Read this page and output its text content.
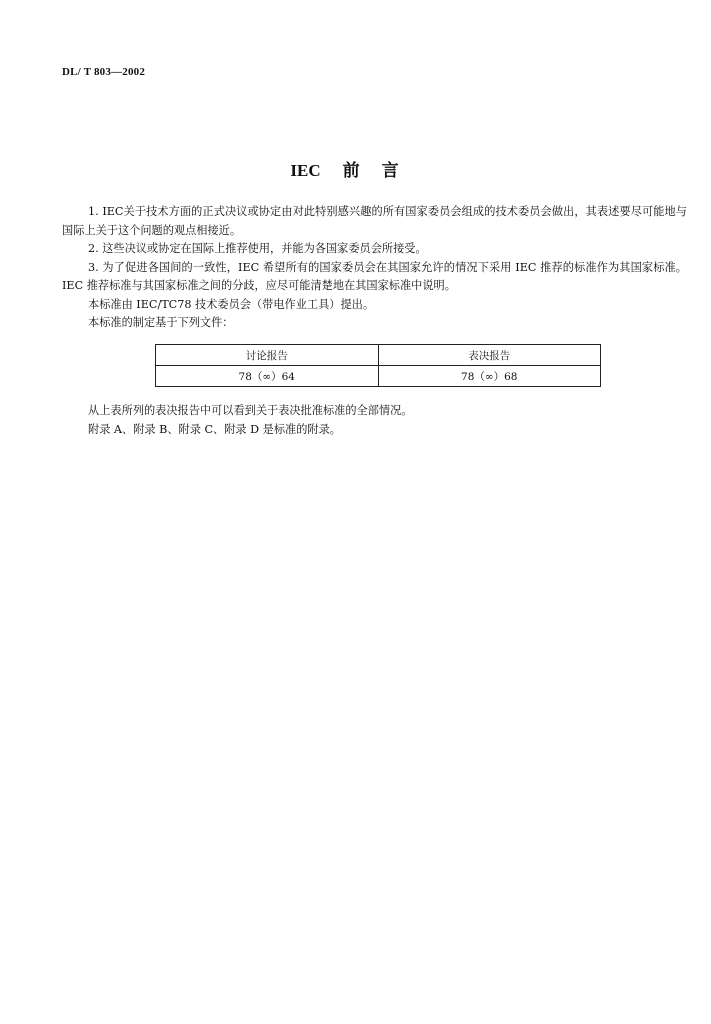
DL/ T 803—2002
IEC 前言

1. IEC关于技术方面的正式决议或协定由对此特别感兴趣的所有国家委员会组成的技术委员会做出，其表述要尽可能地与国际上关于这个问题的观点相接近。

2. 这些决议或协定在国际上推荐使用，并能为各国家委员会所接受。

3. 为了促进各国间的一致性，IEC 希望所有的国家委员会在其国家允许的情况下采用 IEC 推荐的标准作为其国家标准。IEC 推荐标准与其国家标准之间的分歧，应尽可能清楚地在其国家标准中说明。

本标准由 IEC/TC78 技术委员会（带电作业工具）提出。

本标准的制定基于下列文件：

讨论报告	表决报告
78（∞）64	78（∞）68

从上表所列的表决报告中可以看到关于表决批准标准的全部情况。

附录 A、附录 B、附录 C、附录 D 是标准的附录。
